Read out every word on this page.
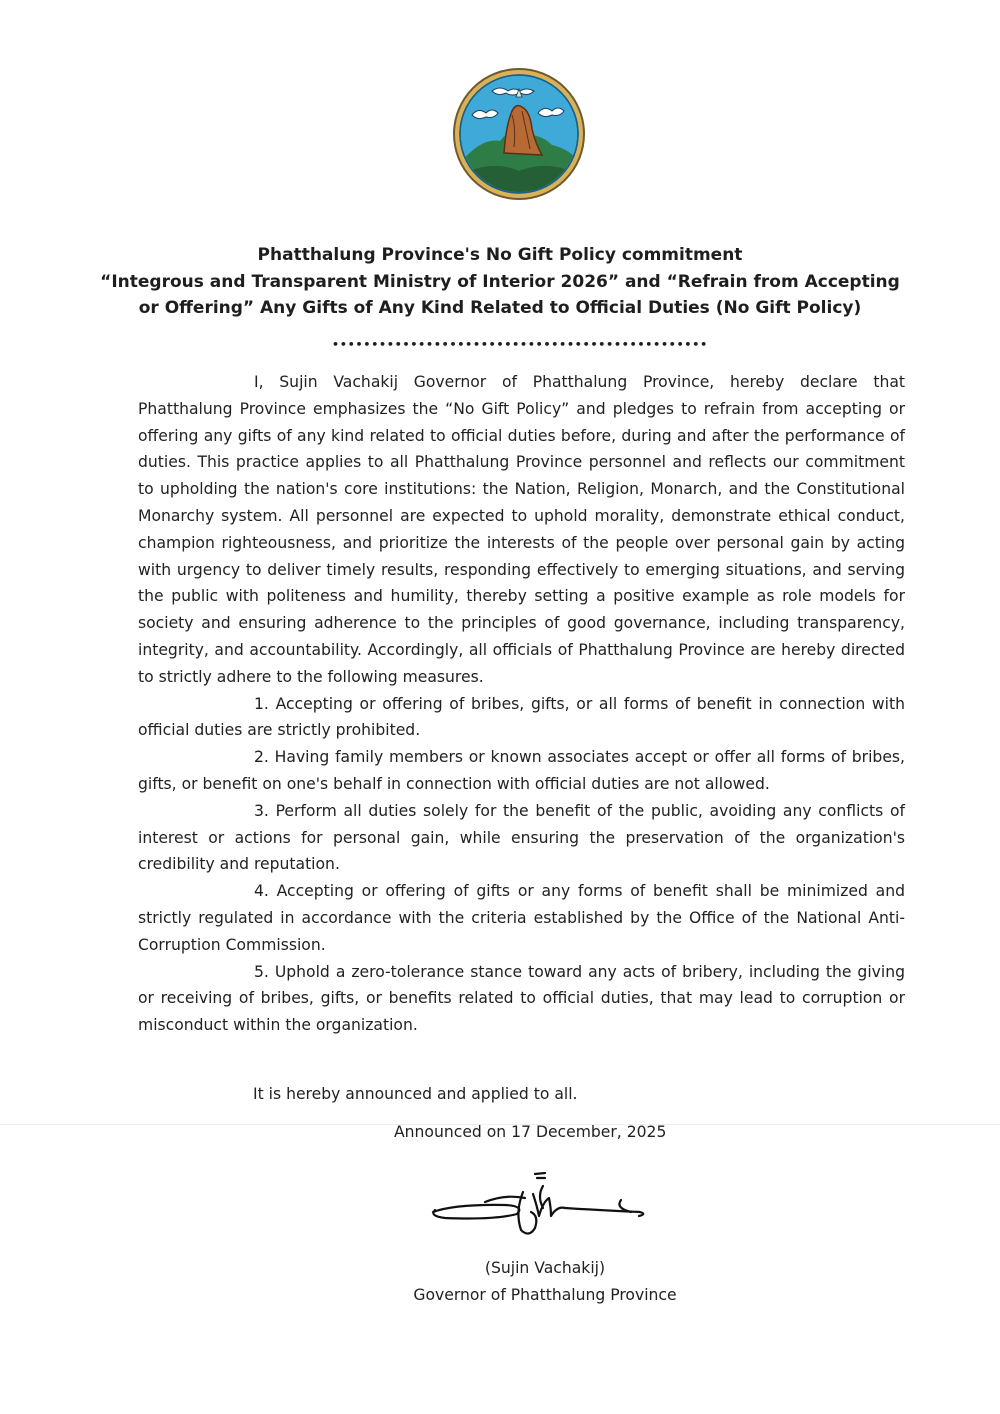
Phatthalung Province's No Gift Policy commitment
“Integrous and Transparent Ministry of Interior 2026” and “Refrain from Accepting
or Offering” Any Gifts of Any Kind Related to Official Duties (No Gift Policy)
••••••••••••••••••••••••••••••••••••••••••••••••

I, Sujin Vachakij Governor of Phatthalung Province, hereby declare that Phatthalung Province emphasizes the “No Gift Policy” and pledges to refrain from accepting or offering any gifts of any kind related to official duties before, during and after the performance of duties. This practice applies to all Phatthalung Province personnel and reflects our commitment to upholding the nation's core institutions: the Nation, Religion, Monarch, and the Constitutional Monarchy system. All personnel are expected to uphold morality, demonstrate ethical conduct, champion righteousness, and prioritize the interests of the people over personal gain by acting with urgency to deliver timely results, responding effectively to emerging situations, and serving the public with politeness and humility, thereby setting a positive example as role models for society and ensuring adherence to the principles of good governance, including transparency, integrity, and accountability. Accordingly, all officials of Phatthalung Province are hereby directed to strictly adhere to the following measures.

1. Accepting or offering of bribes, gifts, or all forms of benefit in connection with official duties are strictly prohibited.

2. Having family members or known associates accept or offer all forms of bribes, gifts, or benefit on one's behalf in connection with official duties are not allowed.

3. Perform all duties solely for the benefit of the public, avoiding any conflicts of interest or actions for personal gain, while ensuring the preservation of the organization's credibility and reputation.

4. Accepting or offering of gifts or any forms of benefit shall be minimized and strictly regulated in accordance with the criteria established by the Office of the National Anti-Corruption Commission.

5. Uphold a zero-tolerance stance toward any acts of bribery, including the giving or receiving of bribes, gifts, or benefits related to official duties, that may lead to corruption or misconduct within the organization.

It is hereby announced and applied to all.
Announced on 17 December, 2025
(Sujin Vachakij)
Governor of Phatthalung Province
